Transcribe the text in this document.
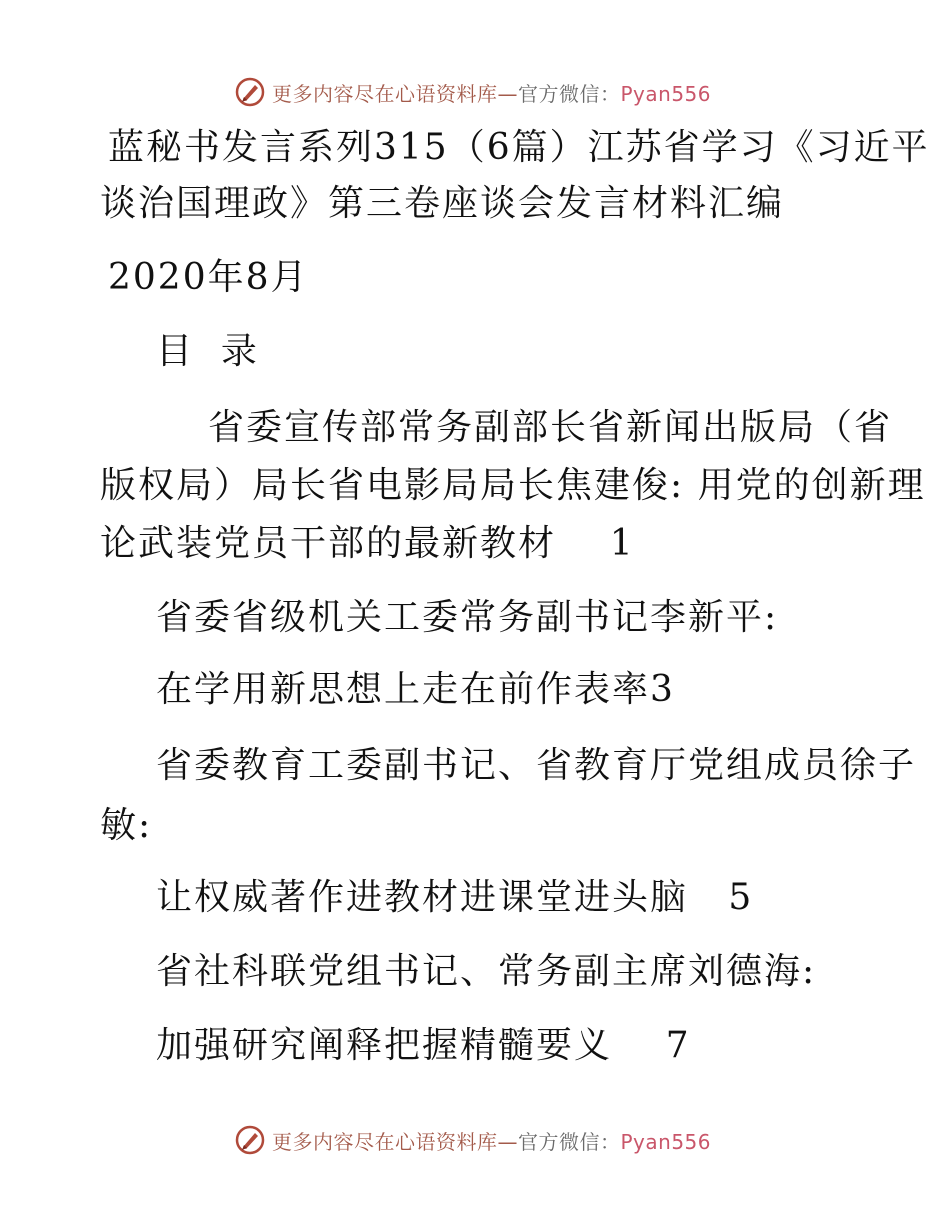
更多内容尽在心语资料库—官方微信：Pyan556
蓝秘书发言系列315（6篇）江苏省学习《习近平
谈治国理政》第三卷座谈会发言材料汇编
2020年8月
目  录
省委宣传部常务副部长省新闻出版局（省
版权局）局长省电影局局长焦建俊: 用党的创新理
论武装党员干部的最新教材    1
省委省级机关工委常务副书记李新平:
在学用新思想上走在前作表率3
省委教育工委副书记、省教育厅党组成员徐子
敏:
让权威著作进教材进课堂进头脑   5
省社科联党组书记、常务副主席刘德海:
加强研究阐释把握精髓要义    7
更多内容尽在心语资料库—官方微信：Pyan556
